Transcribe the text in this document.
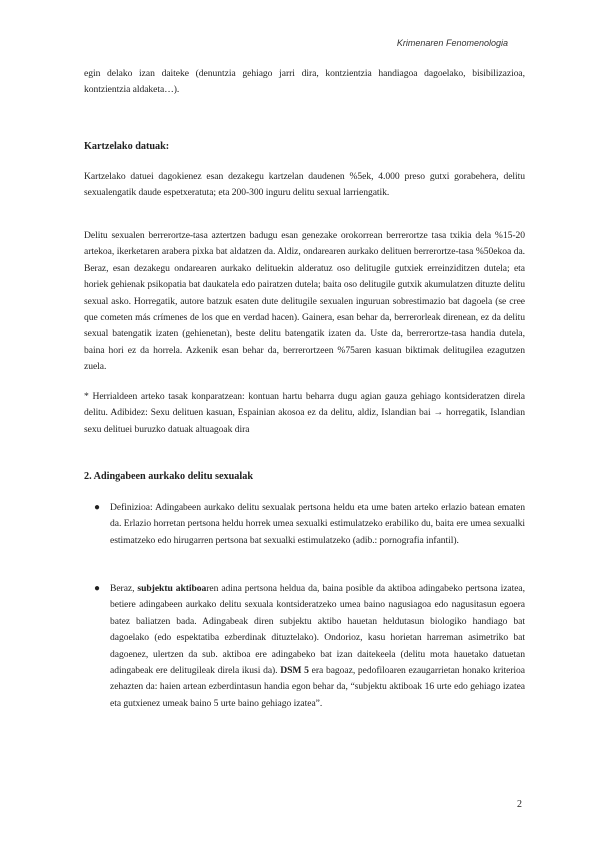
Krimenaren Fenomenologia

egin delako izan daiteke (denuntzia gehiago jarri dira, kontzientzia handiagoa dagoelako, bisibilizazioa, kontzientzia aldaketa…).

Kartzelako datuak:

Kartzelako datuei dagokienez esan dezakegu kartzelan daudenen %5ek, 4.000 preso gutxi gorabehera, delitu sexualengatik daude espetxeratuta; eta 200-300 inguru delitu sexual larriengatik.

Delitu sexualen berrerortze-tasa aztertzen badugu esan genezake orokorrean berrerortze tasa txikia dela %15-20 artekoa, ikerketaren arabera pixka bat aldatzen da. Aldiz, ondarearen aurkako delituen berrerortze-tasa %50ekoa da. Beraz, esan dezakegu ondarearen aurkako delituekin alderatuz oso delitugile gutxiek erreinziditzen dutela; eta horiek gehienak psikopatia bat daukatela edo pairatzen dutela; baita oso delitugile gutxik akumulatzen dituzte delitu sexual asko. Horregatik, autore batzuk esaten dute delitugile sexualen inguruan sobrestimazio bat dagoela (se cree que cometen más crímenes de los que en verdad hacen). Gainera, esan behar da, berrerorleak direnean, ez da delitu sexual batengatik izaten (gehienetan), beste delitu batengatik izaten da. Uste da, berrerortze-tasa handia dutela, baina hori ez da horrela. Azkenik esan behar da, berrerortzeen %75aren kasuan biktimak delitugilea ezagutzen zuela.

* Herrialdeen arteko tasak konparatzean: kontuan hartu beharra dugu agian gauza gehiago kontsideratzen direla delitu. Adibidez: Sexu delituen kasuan, Espainian akosoa ez da delitu, aldiz, Islandian bai → horregatik, Islandian sexu delituei buruzko datuak altuagoak dira

2. Adingabeen aurkako delitu sexualak
● Definizioa: Adingabeen aurkako delitu sexualak pertsona heldu eta ume baten arteko erlazio batean ematen da. Erlazio horretan pertsona heldu horrek umea sexualki estimulatzeko erabiliko du, baita ere umea sexualki estimatzeko edo hirugarren pertsona bat sexualki estimulatzeko (adib.: pornografia infantil).

● Beraz, subjektu aktiboaren adina pertsona heldua da, baina posible da aktiboa adingabeko pertsona izatea, betiere adingabeen aurkako delitu sexuala kontsideratzeko umea baino nagusiagoa edo nagusitasun egoera batez baliatzen bada. Adingabeak diren subjektu aktibo hauetan heldutasun biologiko handiago bat dagoelako (edo espektatiba ezberdinak dituztelako). Ondorioz, kasu horietan harreman asimetriko bat dagoenez, ulertzen da sub. aktiboa ere adingabeko bat izan daitekeela (delitu mota hauetako datuetan adingabeak ere delitugileak direla ikusi da). DSM 5 era bagoaz, pedofiloaren ezaugarrietan honako kriterioa zehazten da: haien artean ezberdintasun handia egon behar da, “subjektu aktiboak 16 urte edo gehiago izatea eta gutxienez umeak baino 5 urte baino gehiago izatea”.

2
